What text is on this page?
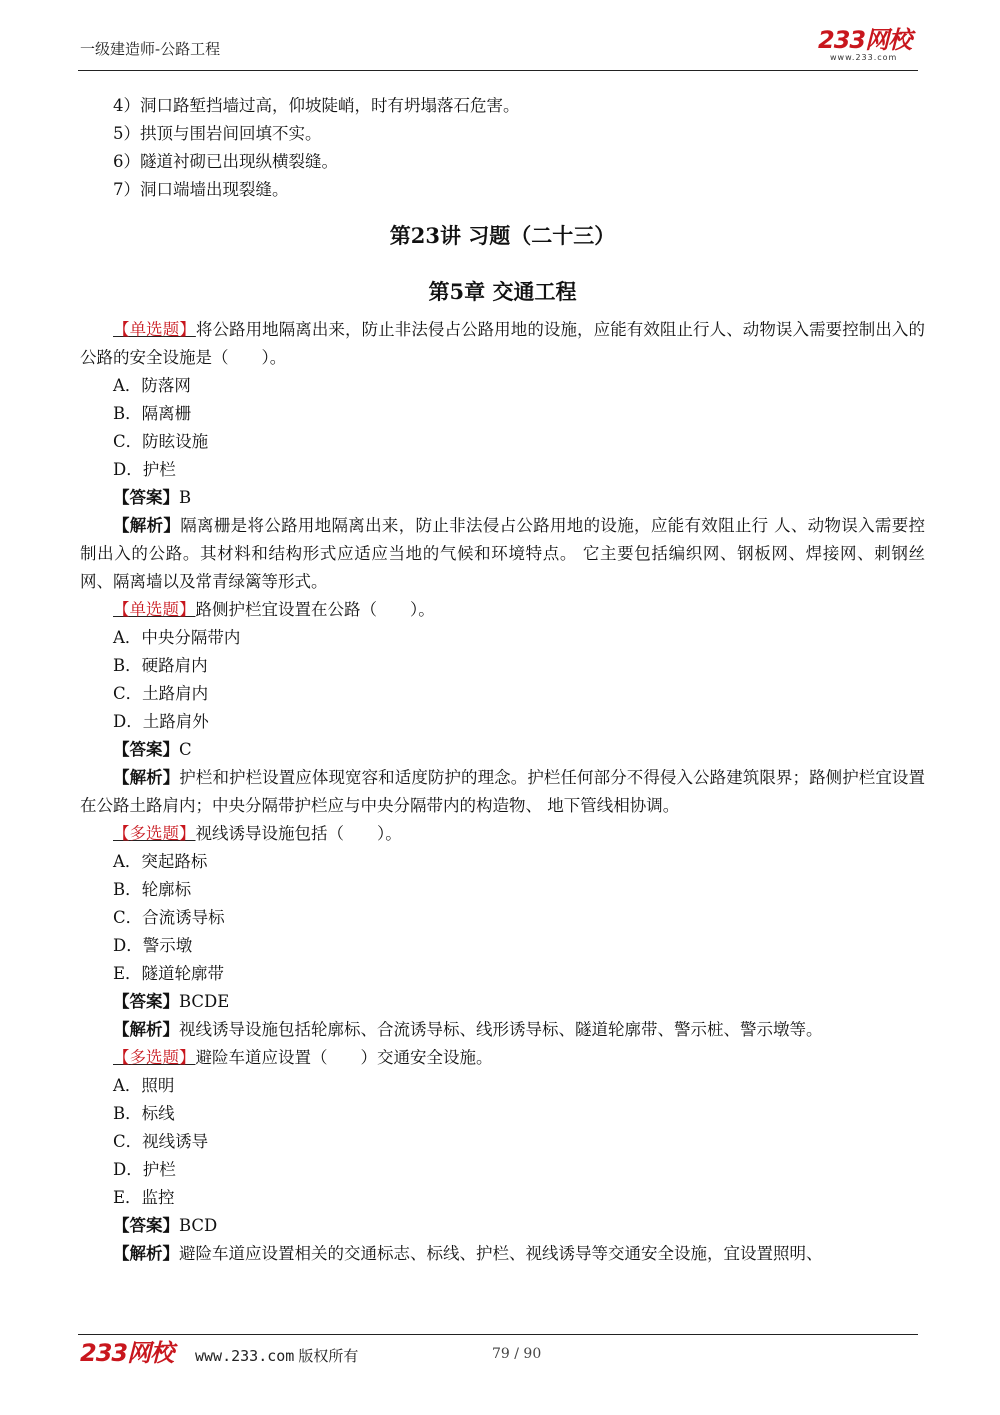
一级建造师-公路工程	233网校
www.233.com
4）洞口路堑挡墙过高，仰坡陡峭，时有坍塌落石危害。
5）拱顶与围岩间回填不实。
6）隧道衬砌已出现纵横裂缝。
7）洞口端墙出现裂缝。
第23讲 习题（二十三）
第5章 交通工程
【单选题】将公路用地隔离出来，防止非法侵占公路用地的设施，应能有效阻止行人、动物误入需要控制出入的公路的安全设施是（　　）。
A．防落网
B．隔离栅
C．防眩设施
D．护栏
【答案】B
【解析】隔离栅是将公路用地隔离出来，防止非法侵占公路用地的设施，应能有效阻止行 人、动物误入需要控制出入的公路。其材料和结构形式应适应当地的气候和环境特点。 它主要包括编织网、钢板网、焊接网、刺钢丝网、隔离墙以及常青绿篱等形式。
【单选题】路侧护栏宜设置在公路（　　）。
A．中央分隔带内
B．硬路肩内
C．土路肩内
D．土路肩外
【答案】C
【解析】护栏和护栏设置应体现宽容和适度防护的理念。护栏任何部分不得侵入公路建筑限界；路侧护栏宜设置在公路土路肩内；中央分隔带护栏应与中央分隔带内的构造物、 地下管线相协调。
【多选题】视线诱导设施包括（　　）。
A．突起路标
B．轮廓标
C．合流诱导标
D．警示墩
E．隧道轮廓带
【答案】BCDE
【解析】视线诱导设施包括轮廓标、合流诱导标、线形诱导标、隧道轮廓带、警示桩、警示墩等。
【多选题】避险车道应设置（　　）交通安全设施。
A．照明
B．标线
C．视线诱导
D．护栏
E．监控
【答案】BCD
【解析】避险车道应设置相关的交通标志、标线、护栏、视线诱导等交通安全设施，宜设置照明、
233网校 www.233.com 版权所有	79 / 90
